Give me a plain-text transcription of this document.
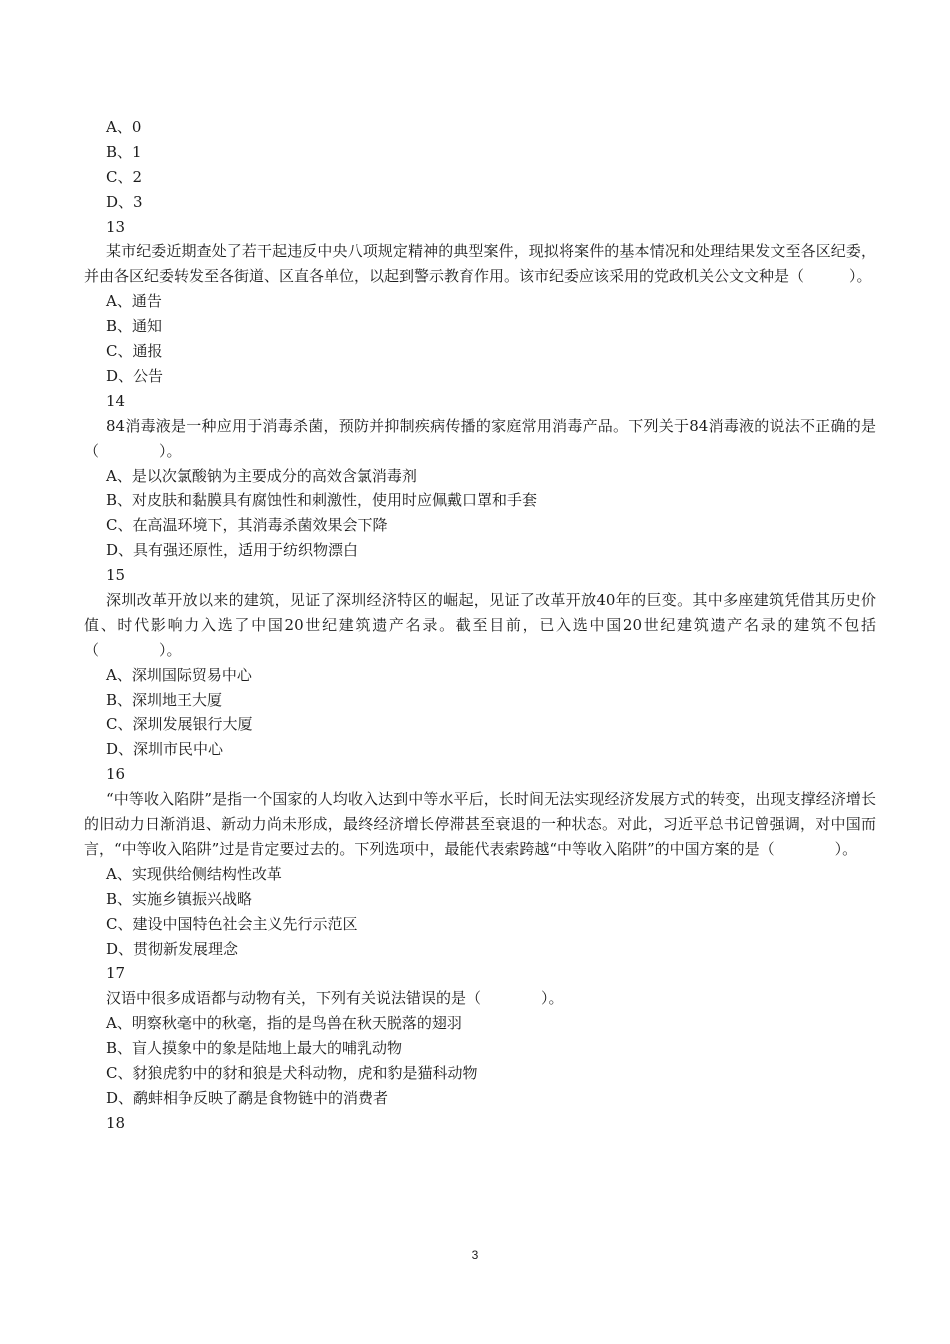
A、0
B、1
C、2
D、3
13
某市纪委近期查处了若干起违反中央八项规定精神的典型案件，现拟将案件的基本情况和处理结果发文至各区纪委，并由各区纪委转发至各街道、区直各单位，以起到警示教育作用。该市纪委应该采用的党政机关公文文种是（　　　）。
A、通告
B、通知
C、通报
D、公告
14
84消毒液是一种应用于消毒杀菌，预防并抑制疾病传播的家庭常用消毒产品。下列关于84消毒液的说法不正确的是（　　　　）。
A、是以次氯酸钠为主要成分的高效含氯消毒剂
B、对皮肤和黏膜具有腐蚀性和刺激性，使用时应佩戴口罩和手套
C、在高温环境下，其消毒杀菌效果会下降
D、具有强还原性，适用于纺织物漂白
15
深圳改革开放以来的建筑，见证了深圳经济特区的崛起，见证了改革开放40年的巨变。其中多座建筑凭借其历史价值、时代影响力入选了中国20世纪建筑遗产名录。截至目前，已入选中国20世纪建筑遗产名录的建筑不包括（　　　　）。
A、深圳国际贸易中心
B、深圳地王大厦
C、深圳发展银行大厦
D、深圳市民中心
16
“中等收入陷阱”是指一个国家的人均收入达到中等水平后，长时间无法实现经济发展方式的转变，出现支撑经济增长的旧动力日渐消退、新动力尚未形成，最终经济增长停滞甚至衰退的一种状态。对此，习近平总书记曾强调，对中国而言，“中等收入陷阱”过是肯定要过去的。下列选项中，最能代表索跨越“中等收入陷阱”的中国方案的是（　　　　）。
A、实现供给侧结构性改革
B、实施乡镇振兴战略
C、建设中国特色社会主义先行示范区
D、贯彻新发展理念
17
汉语中很多成语都与动物有关，下列有关说法错误的是（　　　　）。
A、明察秋毫中的秋毫，指的是鸟兽在秋天脱落的翅羽
B、盲人摸象中的象是陆地上最大的哺乳动物
C、豺狼虎豹中的豺和狼是犬科动物，虎和豹是猫科动物
D、鹬蚌相争反映了鹬是食物链中的消费者
18
3
